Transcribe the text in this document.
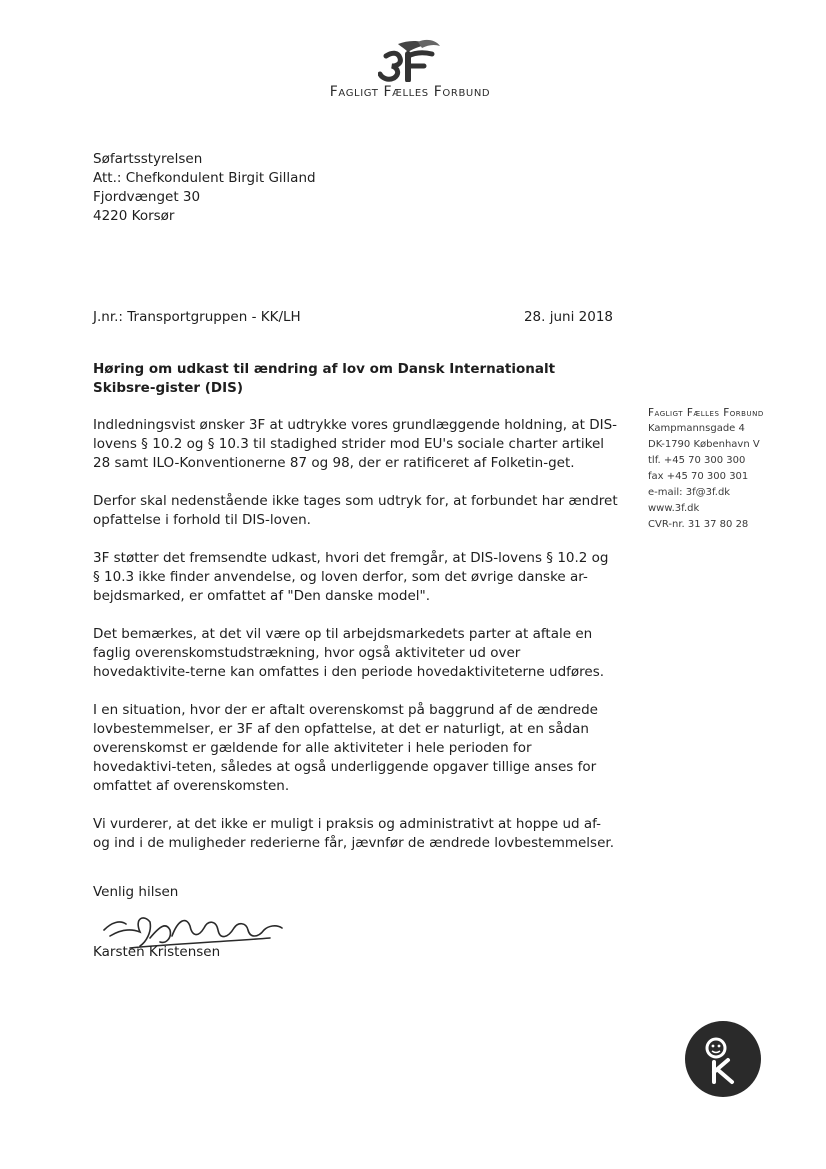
Fagligt Fælles Forbund
Søfartsstyrelsen
Att.: Chefkondulent Birgit Gilland
Fjordvænget 30
4220 Korsør
J.nr.: Transportgruppen - KK/LH	28. juni 2018
Høring om udkast til ændring af lov om Dansk Internationalt Skibsre-gister (DIS)

Indledningsvist ønsker 3F at udtrykke vores grundlæggende holdning, at DIS-lovens § 10.2 og § 10.3 til stadighed strider mod EU's sociale charter artikel 28 samt ILO-Konventionerne 87 og 98, der er ratificeret af Folketin-get.

Derfor skal nedenstående ikke tages som udtryk for, at forbundet har ændret opfattelse i forhold til DIS-loven.

3F støtter det fremsendte udkast, hvori det fremgår, at DIS-lovens § 10.2 og § 10.3 ikke finder anvendelse, og loven derfor, som det øvrige danske ar-bejdsmarked, er omfattet af "Den danske model".

Det bemærkes, at det vil være op til arbejdsmarkedets parter at aftale en faglig overenskomstudstrækning, hvor også aktiviteter ud over hovedaktivite-terne kan omfattes i den periode hovedaktiviteterne udføres.

I en situation, hvor der er aftalt overenskomst på baggrund af de ændrede lovbestemmelser, er 3F af den opfattelse, at det er naturligt, at en sådan overenskomst er gældende for alle aktiviteter i hele perioden for hovedaktivi-teten, således at også underliggende opgaver tillige anses for omfattet af overenskomsten.

Vi vurderer, at det ikke er muligt i praksis og administrativt at hoppe ud af-og ind i de muligheder rederierne får, jævnfør de ændrede lovbestemmelser.

Venlig hilsen
Karsten Kristensen
Fagligt Fælles Forbund
Kampmannsgade 4
DK-1790 København V
tlf. +45 70 300 300
fax +45 70 300 301
e-mail: 3f@3f.dk
www.3f.dk
CVR-nr. 31 37 80 28
